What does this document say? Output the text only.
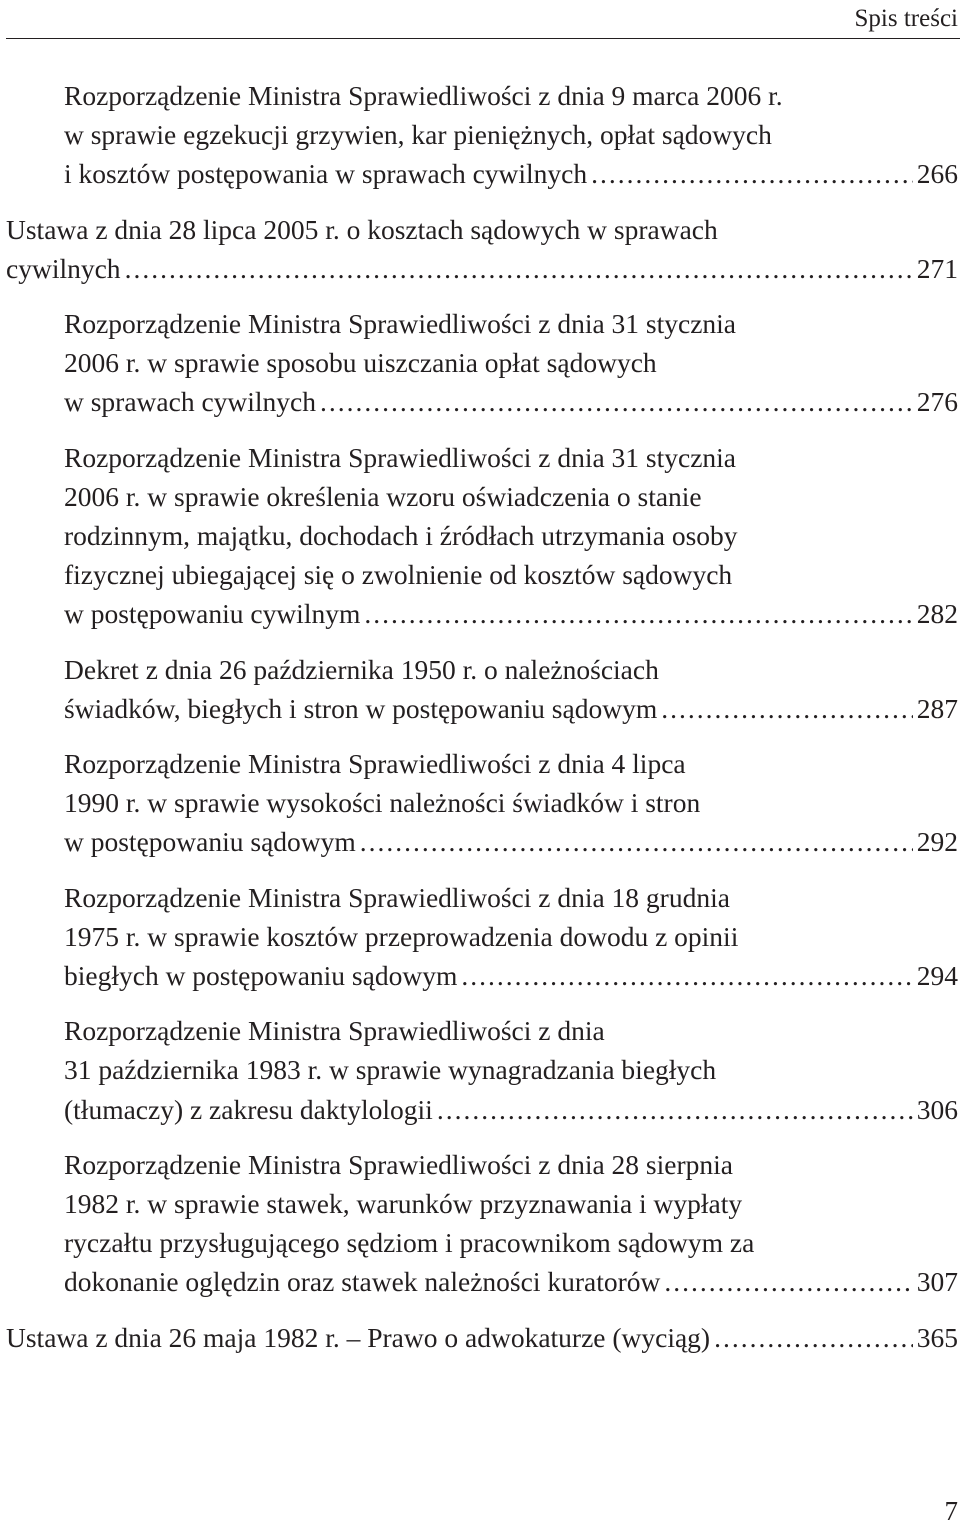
Spis treści
Rozporządzenie Ministra Sprawiedliwości z dnia 9 marca 2006 r.
w sprawie egzekucji grzywien, kar pieniężnych, opłat sądowych
i kosztów postępowania w sprawach cywilnych .....	266
Ustawa z dnia 28 lipca 2005 r. o kosztach sądowych w sprawach
cywilnych .....	271
Rozporządzenie Ministra Sprawiedliwości z dnia 31 stycznia
2006 r. w sprawie sposobu uiszczania opłat sądowych
w sprawach cywilnych .....	276
Rozporządzenie Ministra Sprawiedliwości z dnia 31 stycznia
2006 r. w sprawie określenia wzoru oświadczenia o stanie
rodzinnym, majątku, dochodach i źródłach utrzymania osoby
fizycznej ubiegającej się o zwolnienie od kosztów sądowych
w postępowaniu cywilnym .....	282
Dekret z dnia 26 października 1950 r. o należnościach
świadków, biegłych i stron w postępowaniu sądowym .....	287
Rozporządzenie Ministra Sprawiedliwości z dnia 4 lipca
1990 r. w sprawie wysokości należności świadków i stron
w postępowaniu sądowym .....	292
Rozporządzenie Ministra Sprawiedliwości z dnia 18 grudnia
1975 r. w sprawie kosztów przeprowadzenia dowodu z opinii
biegłych w postępowaniu sądowym .....	294
Rozporządzenie Ministra Sprawiedliwości z dnia
31 października 1983 r. w sprawie wynagradzania biegłych
(tłumaczy) z zakresu daktylologii .....	306
Rozporządzenie Ministra Sprawiedliwości z dnia 28 sierpnia
1982 r. w sprawie stawek, warunków przyznawania i wypłaty
ryczałtu przysługującego sędziom i pracownikom sądowym za
dokonanie oględzin oraz stawek należności kuratorów .....	307
Ustawa z dnia 26 maja 1982 r. – Prawo o adwokaturze (wyciąg) .....	365
7
